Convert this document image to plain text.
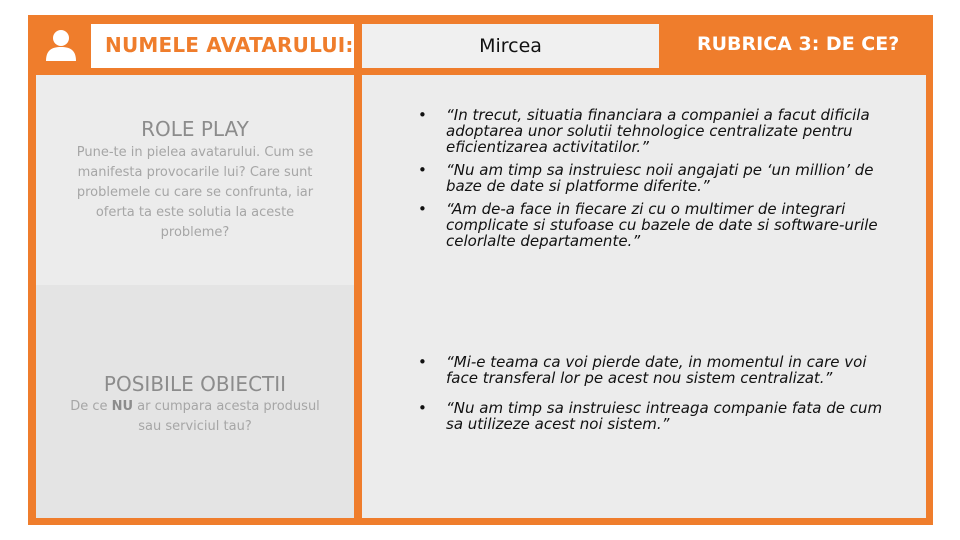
NUMELE AVATARULUI:	Mircea	RUBRICA 3: DE CE?
ROLE PLAY
Pune-te in pielea avatarului. Cum se manifesta provocarile lui? Care sunt problemele cu care se confrunta, iar oferta ta este solutia la aceste probleme?
POSIBILE OBIECTII
De ce NU ar cumpara acesta produsul sau serviciul tau?
• “In trecut, situatia financiara a companiei a facut dificila adoptarea unor solutii tehnologice centralizate pentru eficientizarea activitatilor.”
• “Nu am timp sa instruiesc noii angajati pe ‘un million’ de baze de date si platforme diferite.”
• “Am de-a face in fiecare zi cu o multimer de integrari complicate si stufoase cu bazele de date si software-urile celorlalte departamente.”
• “Mi-e teama ca voi pierde date, in momentul in care voi face transferal lor pe acest nou sistem centralizat.”
• “Nu am timp sa instruiesc intreaga companie fata de cum sa utilizeze acest noi sistem.”
